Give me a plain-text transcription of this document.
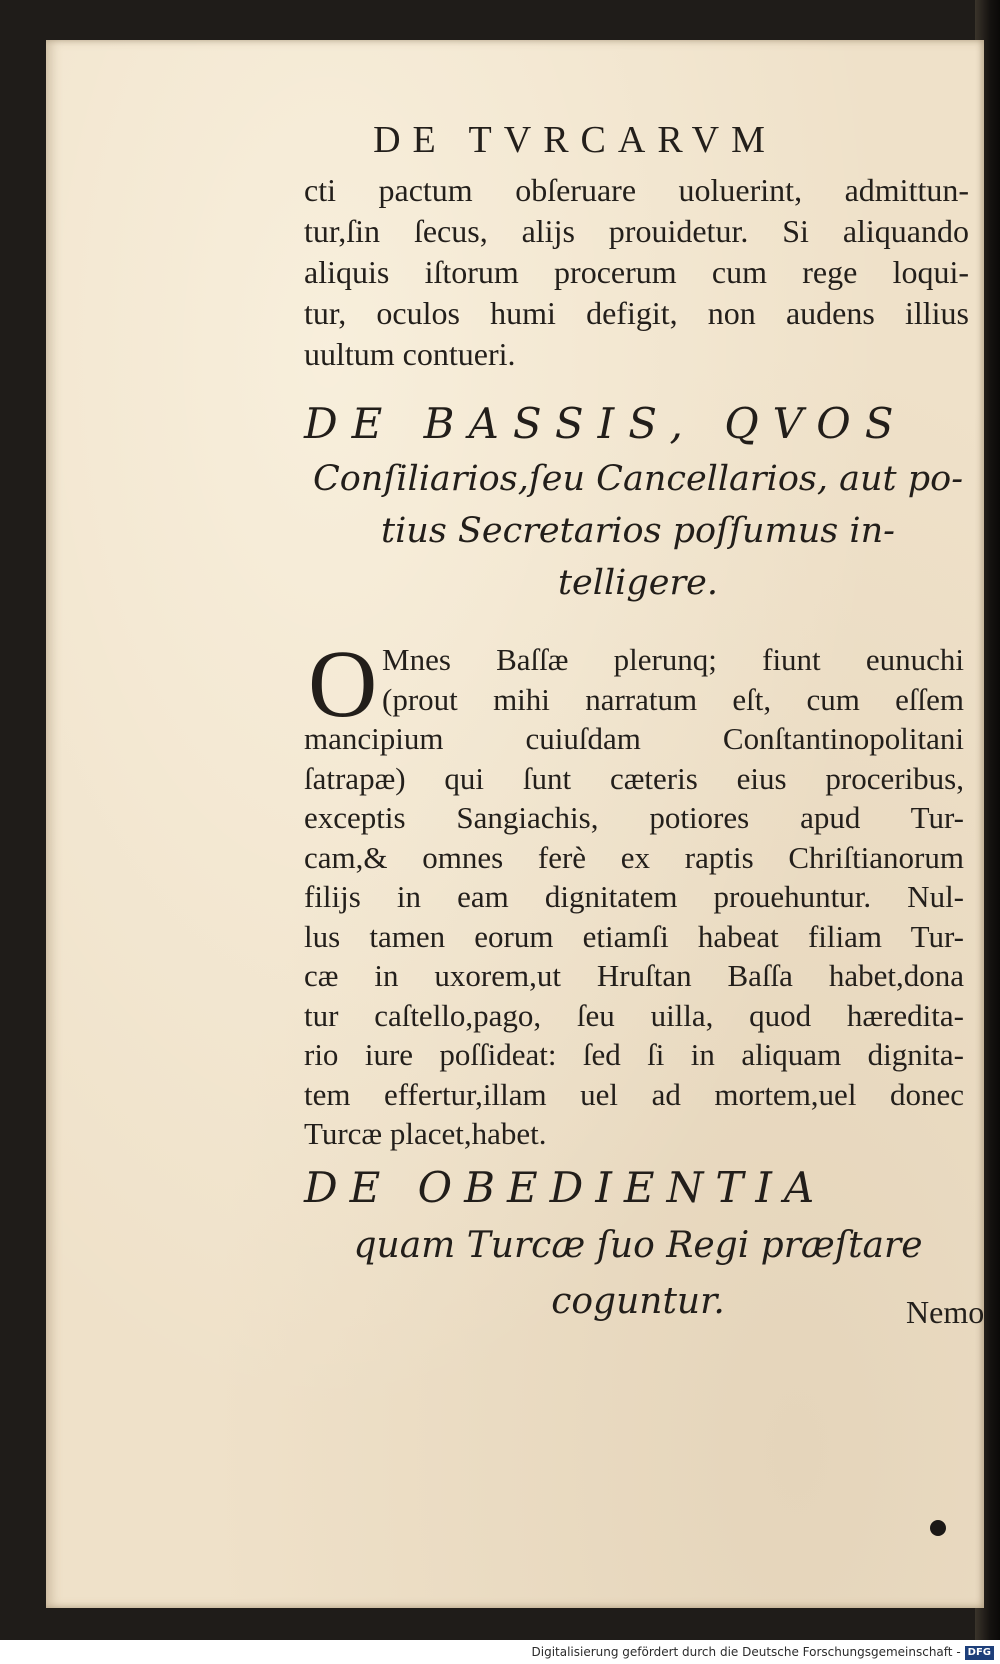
DE TVRCARVM
cti pactum obſeruare uoluerint, admittun-
tur,ſin ſecus, alijs prouidetur. Si aliquando
aliquis iſtorum procerum cum rege loqui-
tur, oculos humi defigit, non audens illius
uultum contueri.
DE BASSIS, QVOS
Conſiliarios,ſeu Cancellarios, aut po-
tius Secretarios poſſumus in-
telligere.
O Mnes Baſſæ plerunq; fiunt eunuchi
(prout mihi narratum eſt, cum eſſem
mancipium cuiuſdam Conſtantinopolitani
ſatrapæ) qui ſunt cæteris eius proceribus,
exceptis Sangiachis, potiores apud Tur-
cam,& omnes ferè ex raptis Chriſtianorum
filijs in eam dignitatem prouehuntur. Nul-
lus tamen eorum etiamſi habeat filiam Tur-
cæ in uxorem,ut Hruſtan Baſſa habet,dona
tur caſtello,pago, ſeu uilla, quod hæredita-
rio iure poſſideat: ſed ſi in aliquam dignita-
tem effertur,illam uel ad mortem,uel donec
Turcæ placet,habet.
DE OBEDIENTIA
quam Turcæ ſuo Regi præſtare
coguntur.	Nemo
Digitalisierung gefördert durch die Deutsche Forschungsgemeinschaft - DFG
